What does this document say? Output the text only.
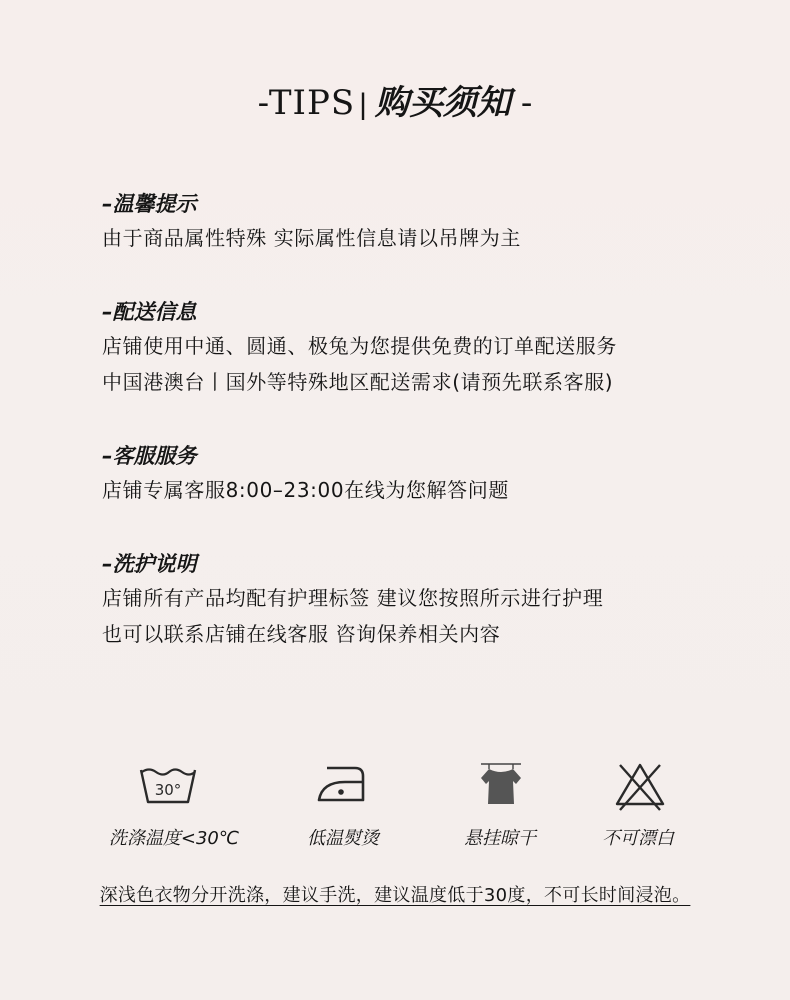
-TIPS | 购买须知 -
–温馨提示
由于商品属性特殊 实际属性信息请以吊牌为主
–配送信息
店铺使用中通、圆通、极兔为您提供免费的订单配送服务
中国港澳台丨国外等特殊地区配送需求(请预先联系客服)
–客服服务
店铺专属客服8:00–23:00在线为您解答问题
–洗护说明
店铺所有产品均配有护理标签 建议您按照所示进行护理
也可以联系店铺在线客服 咨询保养相关内容
30°
洗涤温度<30℃	低温熨烫	悬挂晾干	不可漂白
深浅色衣物分开洗涤，建议手洗，建议温度低于30度，不可长时间浸泡。
